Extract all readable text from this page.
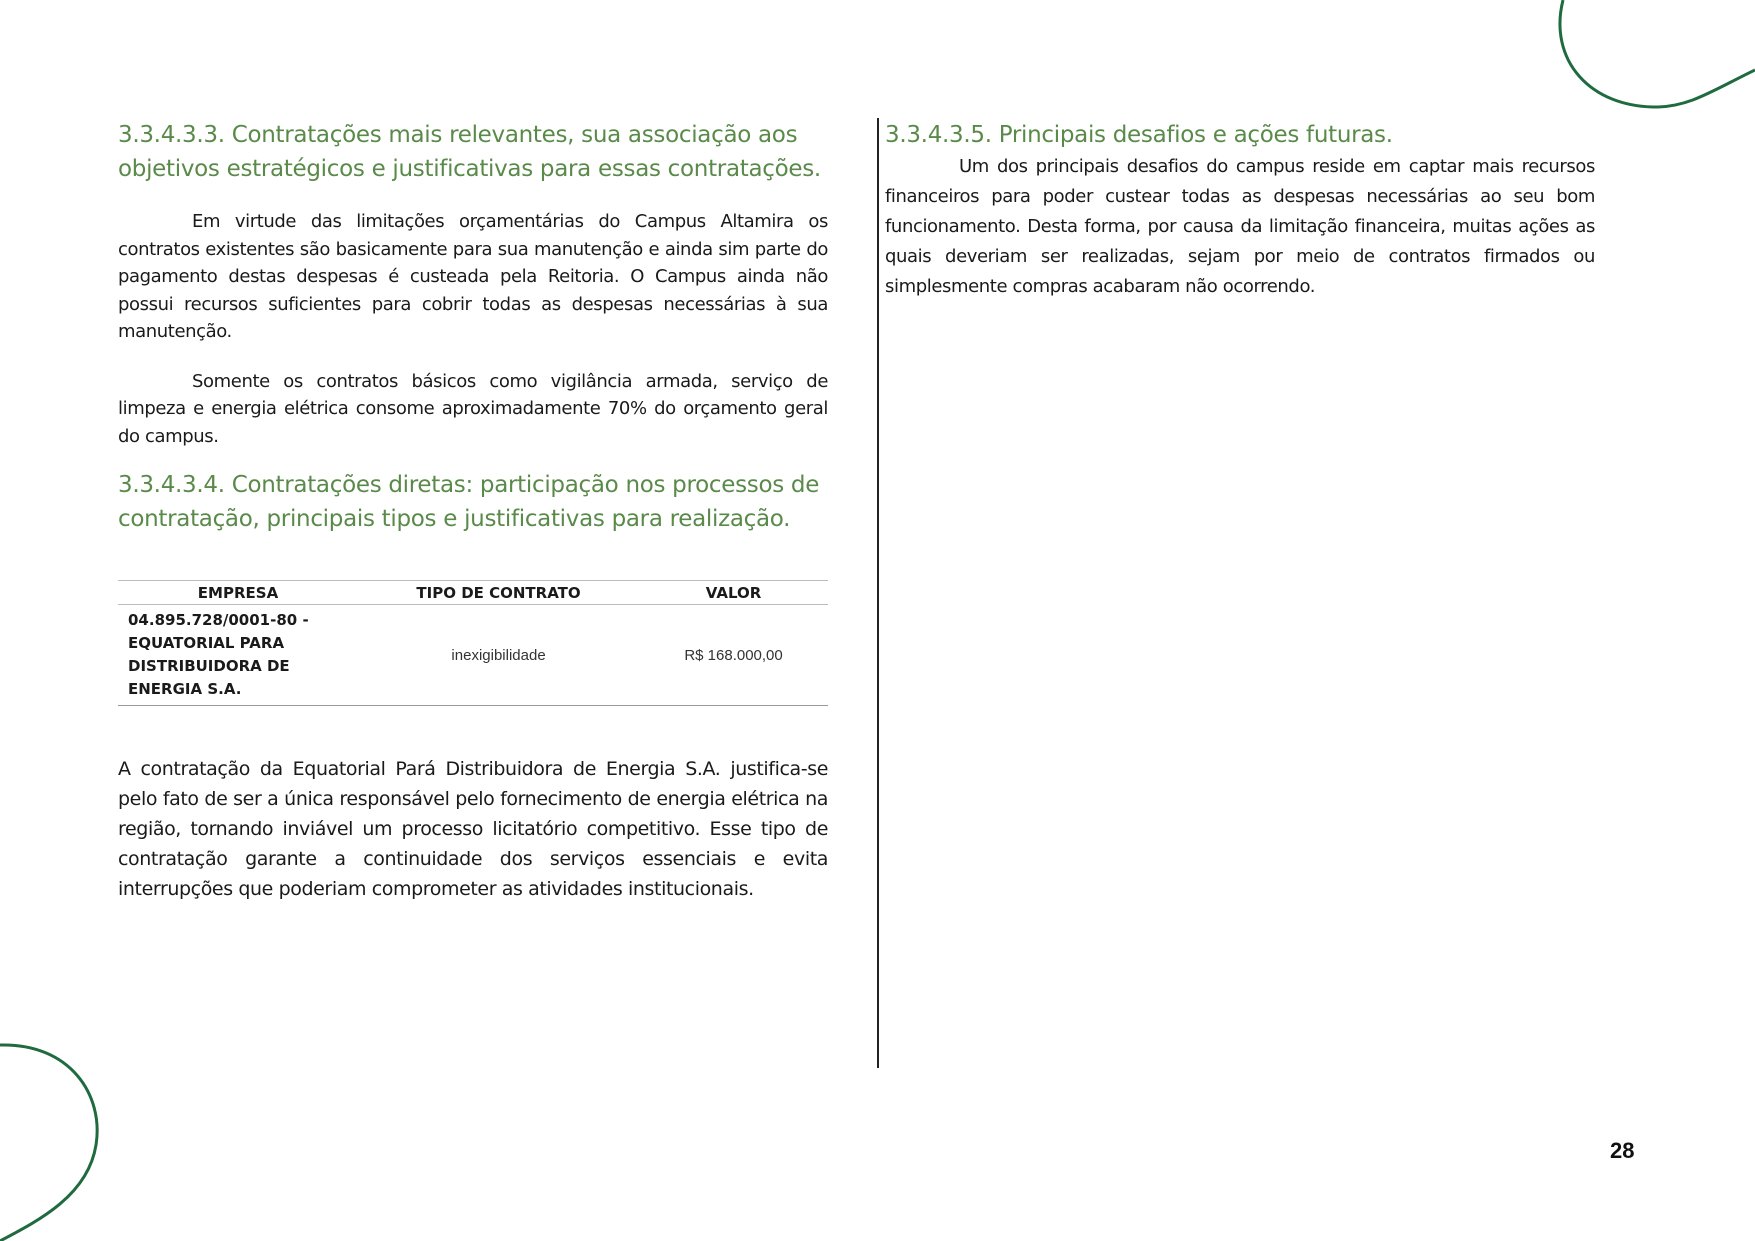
3.3.4.3.3. Contratações mais relevantes, sua associação aos objetivos estratégicos e justificativas para essas contratações.

Em virtude das limitações orçamentárias do Campus Altamira os contratos existentes são basicamente para sua manutenção e ainda sim parte do pagamento destas despesas é custeada pela Reitoria. O Campus ainda não possui recursos suficientes para cobrir todas as despesas necessárias à sua manutenção.

Somente os contratos básicos como vigilância armada, serviço de limpeza e energia elétrica consome aproximadamente 70% do orçamento geral do campus.

3.3.4.3.4. Contratações diretas: participação nos processos de contratação, principais tipos e justificativas para realização.
EMPRESA	TIPO DE CONTRATO	VALOR
04.895.728/0001-80 - EQUATORIAL PARA DISTRIBUIDORA DE ENERGIA S.A.	inexigibilidade	R$ 168.000,00

A contratação da Equatorial Pará Distribuidora de Energia S.A. justifica-se pelo fato de ser a única responsável pelo fornecimento de energia elétrica na região, tornando inviável um processo licitatório competitivo. Esse tipo de contratação garante a continuidade dos serviços essenciais e evita interrupções que poderiam comprometer as atividades institucionais.

3.3.4.3.5. Principais desafios e ações futuras.

Um dos principais desafios do campus reside em captar mais recursos financeiros para poder custear todas as despesas necessárias ao seu bom funcionamento. Desta forma, por causa da limitação financeira, muitas ações as quais deveriam ser realizadas, sejam por meio de contratos firmados ou simplesmente compras acabaram não ocorrendo.

28
